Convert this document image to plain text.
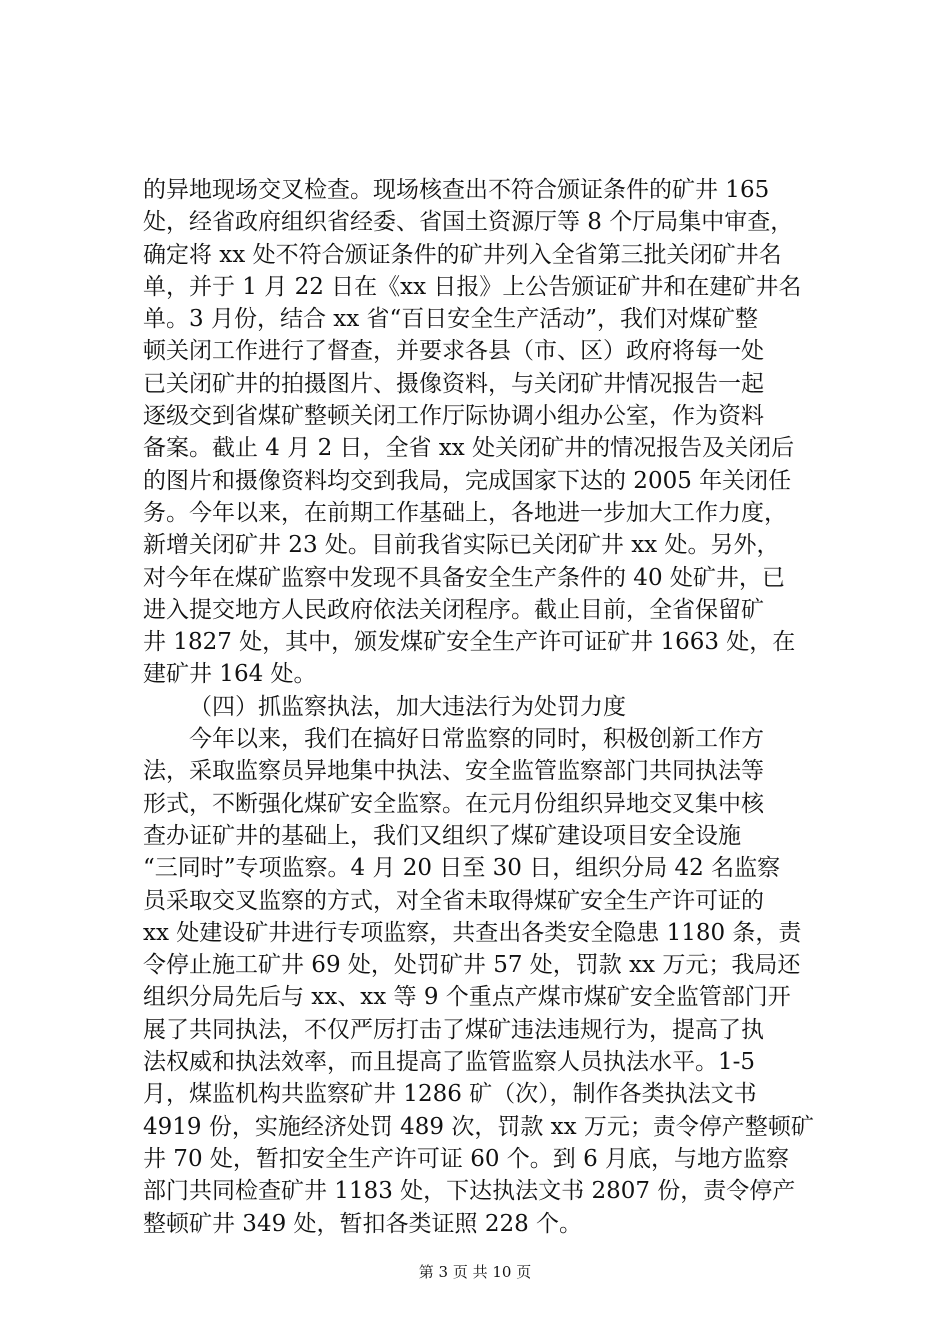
的异地现场交叉检查。现场核查出不符合颁证条件的矿井 165
处，经省政府组织省经委、省国土资源厅等 8 个厅局集中审查，
确定将 xx 处不符合颁证条件的矿井列入全省第三批关闭矿井名
单，并于 1 月 22 日在《xx 日报》上公告颁证矿井和在建矿井名
单。3 月份，结合 xx 省“百日安全生产活动”，我们对煤矿整
顿关闭工作进行了督查，并要求各县（市、区）政府将每一处
已关闭矿井的拍摄图片、摄像资料，与关闭矿井情况报告一起
逐级交到省煤矿整顿关闭工作厅际协调小组办公室，作为资料
备案。截止 4 月 2 日，全省 xx 处关闭矿井的情况报告及关闭后
的图片和摄像资料均交到我局，完成国家下达的 2005 年关闭任
务。今年以来，在前期工作基础上，各地进一步加大工作力度，
新增关闭矿井 23 处。目前我省实际已关闭矿井 xx 处。另外，
对今年在煤矿监察中发现不具备安全生产条件的 40 处矿井，已
进入提交地方人民政府依法关闭程序。截止目前，全省保留矿
井 1827 处，其中，颁发煤矿安全生产许可证矿井 1663 处，在
建矿井 164 处。
（四）抓监察执法，加大违法行为处罚力度
今年以来，我们在搞好日常监察的同时，积极创新工作方
法，采取监察员异地集中执法、安全监管监察部门共同执法等
形式，不断强化煤矿安全监察。在元月份组织异地交叉集中核
查办证矿井的基础上，我们又组织了煤矿建设项目安全设施
“三同时”专项监察。4 月 20 日至 30 日，组织分局 42 名监察
员采取交叉监察的方式，对全省未取得煤矿安全生产许可证的
xx 处建设矿井进行专项监察，共查出各类安全隐患 1180 条，责
令停止施工矿井 69 处，处罚矿井 57 处，罚款 xx 万元；我局还
组织分局先后与 xx、xx 等 9 个重点产煤市煤矿安全监管部门开
展了共同执法，不仅严厉打击了煤矿违法违规行为，提高了执
法权威和执法效率，而且提高了监管监察人员执法水平。1-5
月，煤监机构共监察矿井 1286 矿（次），制作各类执法文书
4919 份，实施经济处罚 489 次，罚款 xx 万元；责令停产整顿矿
井 70 处，暂扣安全生产许可证 60 个。到 6 月底，与地方监察
部门共同检查矿井 1183 处，下达执法文书 2807 份，责令停产
整顿矿井 349 处，暂扣各类证照 228 个。
第 3 页 共 10 页
